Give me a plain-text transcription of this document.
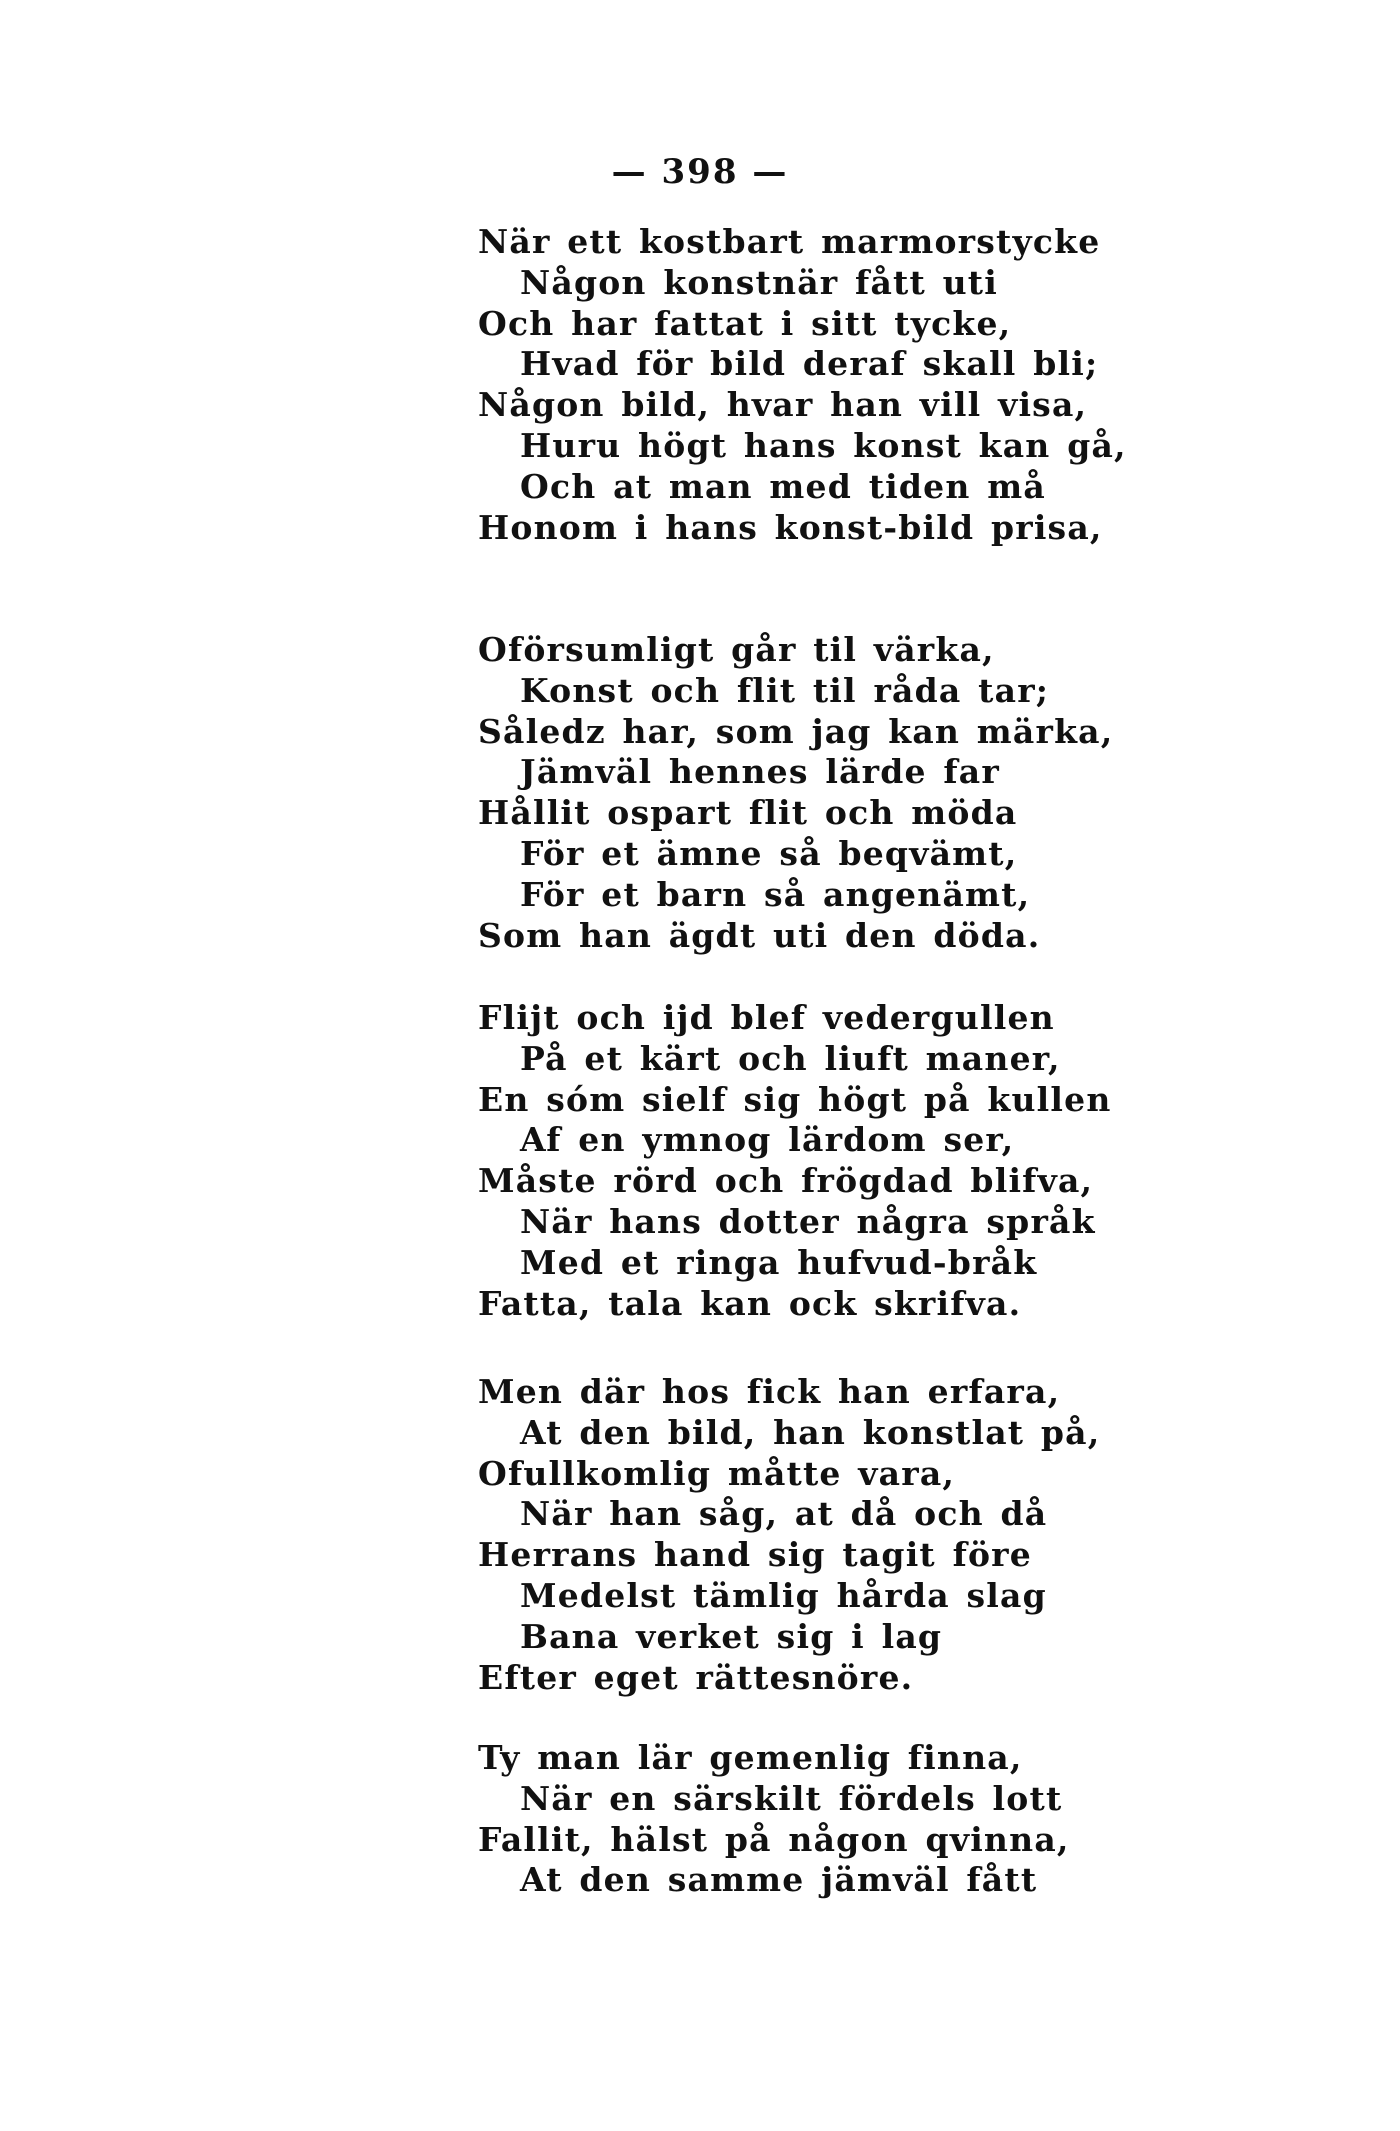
— 398 —
När ett kostbart marmorstycke
Någon konstnär fått uti
Och har fattat i sitt tycke,
Hvad för bild deraf skall bli;
Någon bild, hvar han vill visa,
Huru högt hans konst kan gå,
Och at man med tiden må
Honom i hans konst-bild prisa,
Oförsumligt går til värka,
Konst och flit til råda tar;
Såledz har, som jag kan märka,
Jämväl hennes lärde far
Hållit ospart flit och möda
För et ämne så beqvämt,
För et barn så angenämt,
Som han ägdt uti den döda.
Flijt och ijd blef vedergullen
På et kärt och liuft maner,
En sóm sielf sig högt på kullen
Af en ymnog lärdom ser,
Måste rörd och frögdad blifva,
När hans dotter några språk
Med et ringa hufvud-bråk
Fatta, tala kan ock skrifva.
Men där hos fick han erfara,
At den bild, han konstlat på,
Ofullkomlig måtte vara,
När han såg, at då och då
Herrans hand sig tagit före
Medelst tämlig hårda slag
Bana verket sig i lag
Efter eget rättesnöre.
Ty man lär gemenlig finna,
När en särskilt fördels lott
Fallit, hälst på någon qvinna,
At den samme jämväl fått
